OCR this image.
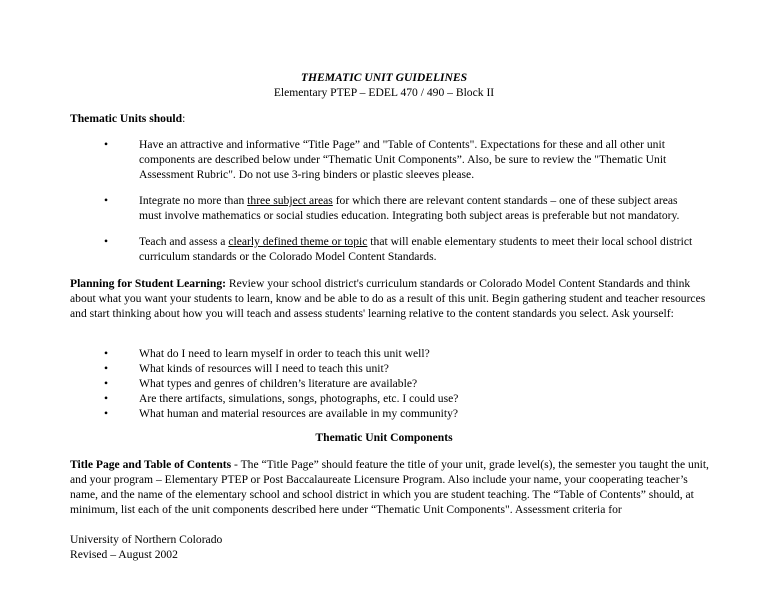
THEMATIC UNIT GUIDELINES
Elementary PTEP – EDEL 470 / 490 – Block II
Thematic Units should:
•	Have an attractive and informative “Title Page” and "Table of Contents". Expectations for these and all other unit components are described below under “Thematic Unit Components”. Also, be sure to review the "Thematic Unit Assessment Rubric". Do not use 3-ring binders or plastic sleeves please.
•	Integrate no more than three subject areas for which there are relevant content standards – one of these subject areas must involve mathematics or social studies education. Integrating both subject areas is preferable but not mandatory.
•	Teach and assess a clearly defined theme or topic that will enable elementary students to meet their local school district curriculum standards or the Colorado Model Content Standards.
Planning for Student Learning: Review your school district's curriculum standards or Colorado Model Content Standards and think about what you want your students to learn, know and be able to do as a result of this unit. Begin gathering student and teacher resources and start thinking about how you will teach and assess students' learning relative to the content standards you select. Ask yourself:
•	What do I need to learn myself in order to teach this unit well?
•	What kinds of resources will I need to teach this unit?
•	What types and genres of children’s literature are available?
•	Are there artifacts, simulations, songs, photographs, etc. I could use?
•	What human and material resources are available in my community?
Thematic Unit Components
Title Page and Table of Contents - The “Title Page” should feature the title of your unit, grade level(s), the semester you taught the unit, and your program – Elementary PTEP or Post Baccalaureate Licensure Program. Also include your name, your cooperating teacher’s name, and the name of the elementary school and school district in which you are student teaching. The “Table of Contents” should, at minimum, list each of the unit components described here under “Thematic Unit Components". Assessment criteria for
University of Northern Colorado
Revised – August 2002
